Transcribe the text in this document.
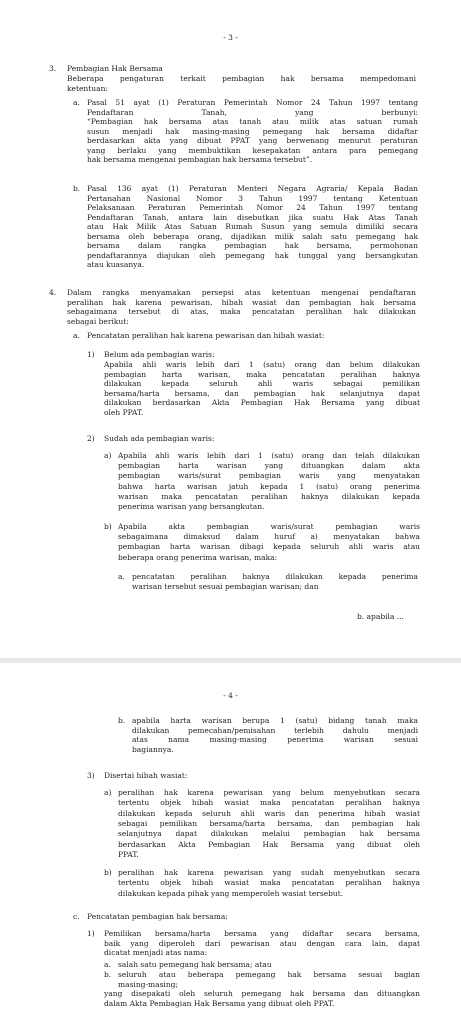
- 3 -
3. Pembagian Hak Bersama
Beberapa pengaturan terkait pembagian hak bersama mempedomani
ketentuan:
a. Pasal 51 ayat (1) Peraturan Pemerintah Nomor 24 Tahun 1997 tentang
Pendaftaran Tanah, yang berbunyi:
“Pembagian hak bersama atas tanah atau milik atas satuan rumah
susun menjadi hak masing-masing pemegang hak bersama didaftar
berdasarkan akta yang dibuat PPAT yang berwenang menurut peraturan
yang berlaku yang membuktikan kesepakatan antara para pemegang
hak bersama mengenai pembagian hak bersama tersebut”.
b. Pasal 136 ayat (1) Peraturan Menteri Negara Agraria/ Kepala Badan
Pertanahan Nasional Nomor 3 Tahun 1997 tentang Ketentuan
Pelaksanaan Peraturan Pemerintah Nomor 24 Tahun 1997 tentang
Pendaftaran Tanah, antara lain disebutkan jika suatu Hak Atas Tanah
atau Hak Milik Atas Satuan Rumah Susun yang semula dimiliki secara
bersama oleh beberapa orang, dijadikan milik salah satu pemegang hak
bersama dalam rangka pembagian hak bersama, permohonan
pendaftarannya diajukan oleh pemegang hak tunggal yang bersangkutan
atau kuasanya.
4. Dalam rangka menyamakan persepsi atas ketentuan mengenai pendaftaran
peralihan hak karena pewarisan, hibah wasiat dan pembagian hak bersama
sebagaimana tersebut di atas, maka pencatatan peralihan hak dilakukan
sebagai berikut:
a. Pencatatan peralihan hak karena pewarisan dan hibah wasiat:
1) Belum ada pembagian waris:
Apabila ahli waris lebih dari 1 (satu) orang dan belum dilakukan
pembagian harta warisan, maka pencatatan peralihan haknya
dilakukan kepada seluruh ahli waris sebagai pemilikan
bersama/harta bersama, dan pembagian hak selanjutnya dapat
dilakukan berdasarkan Akta Pembagian Hak Bersama yang dibuat
oleh PPAT.
2) Sudah ada pembagian waris:
a) Apabila ahli waris lebih dari 1 (satu) orang dan telah dilakukan
pembagian harta warisan yang dituangkan dalam akta
pembagian waris/surat pembagian waris yang menyatakan
bahwa harta warisan jatuh kepada 1 (satu) orang penerima
warisan maka pencatatan peralihan haknya dilakukan kepada
penerima warisan yang bersangkutan.
b) Apabila akta pembagian waris/surat pembagian waris
sebagaimana dimaksud dalam huruf a) menyatakan bahwa
pembagian harta warisan dibagi kepada seluruh ahli waris atau
beberapa orang penerima warisan, maka:
a. pencatatan peralihan haknya dilakukan kepada penerima
warisan tersebut sesuai pembagian warisan; dan
b. apabila ...
- 4 -
b. apabila harta warisan berupa 1 (satu) bidang tanah maka
dilakukan pemecahan/pemisahan terlebih dahulu menjadi
atas nama masing-masing penerima warisan sesuai
bagiannya.
3) Disertai hibah wasiat:
a) peralihan hak karena pewarisan yang belum menyebutkan secara
tertentu objek hibah wasiat maka pencatatan peralihan haknya
dilakukan kepada seluruh ahli waris dan penerima hibah wasiat
sebagai pemilikan bersama/harta bersama, dan pembagian hak
selanjutnya dapat dilakukan melalui pembagian hak bersama
berdasarkan Akta Pembagian Hak Bersama yang dibuat oleh
PPAT.
b) peralihan hak karena pewarisan yang sudah menyebutkan secara
tertentu objek hibah wasiat maka pencatatan peralihan haknya
dilakukan kepada pihak yang memperoleh wasiat tersebut.
c. Pencatatan pembagian hak bersama:
1) Pemilikan bersama/harta bersama yang didaftar secara bersama,
baik yang diperoleh dari pewarisan atau dengan cara lain, dapat
dicatat menjadi atas nama:
a. salah satu pemegang hak bersama; atau
b. seluruh atau beberapa pemegang hak bersama sesuai bagian
masing-masing;
yang disepakati oleh seluruh pemegang hak bersama dan dituangkan
dalam Akta Pembagian Hak Bersama yang dibuat oleh PPAT.
